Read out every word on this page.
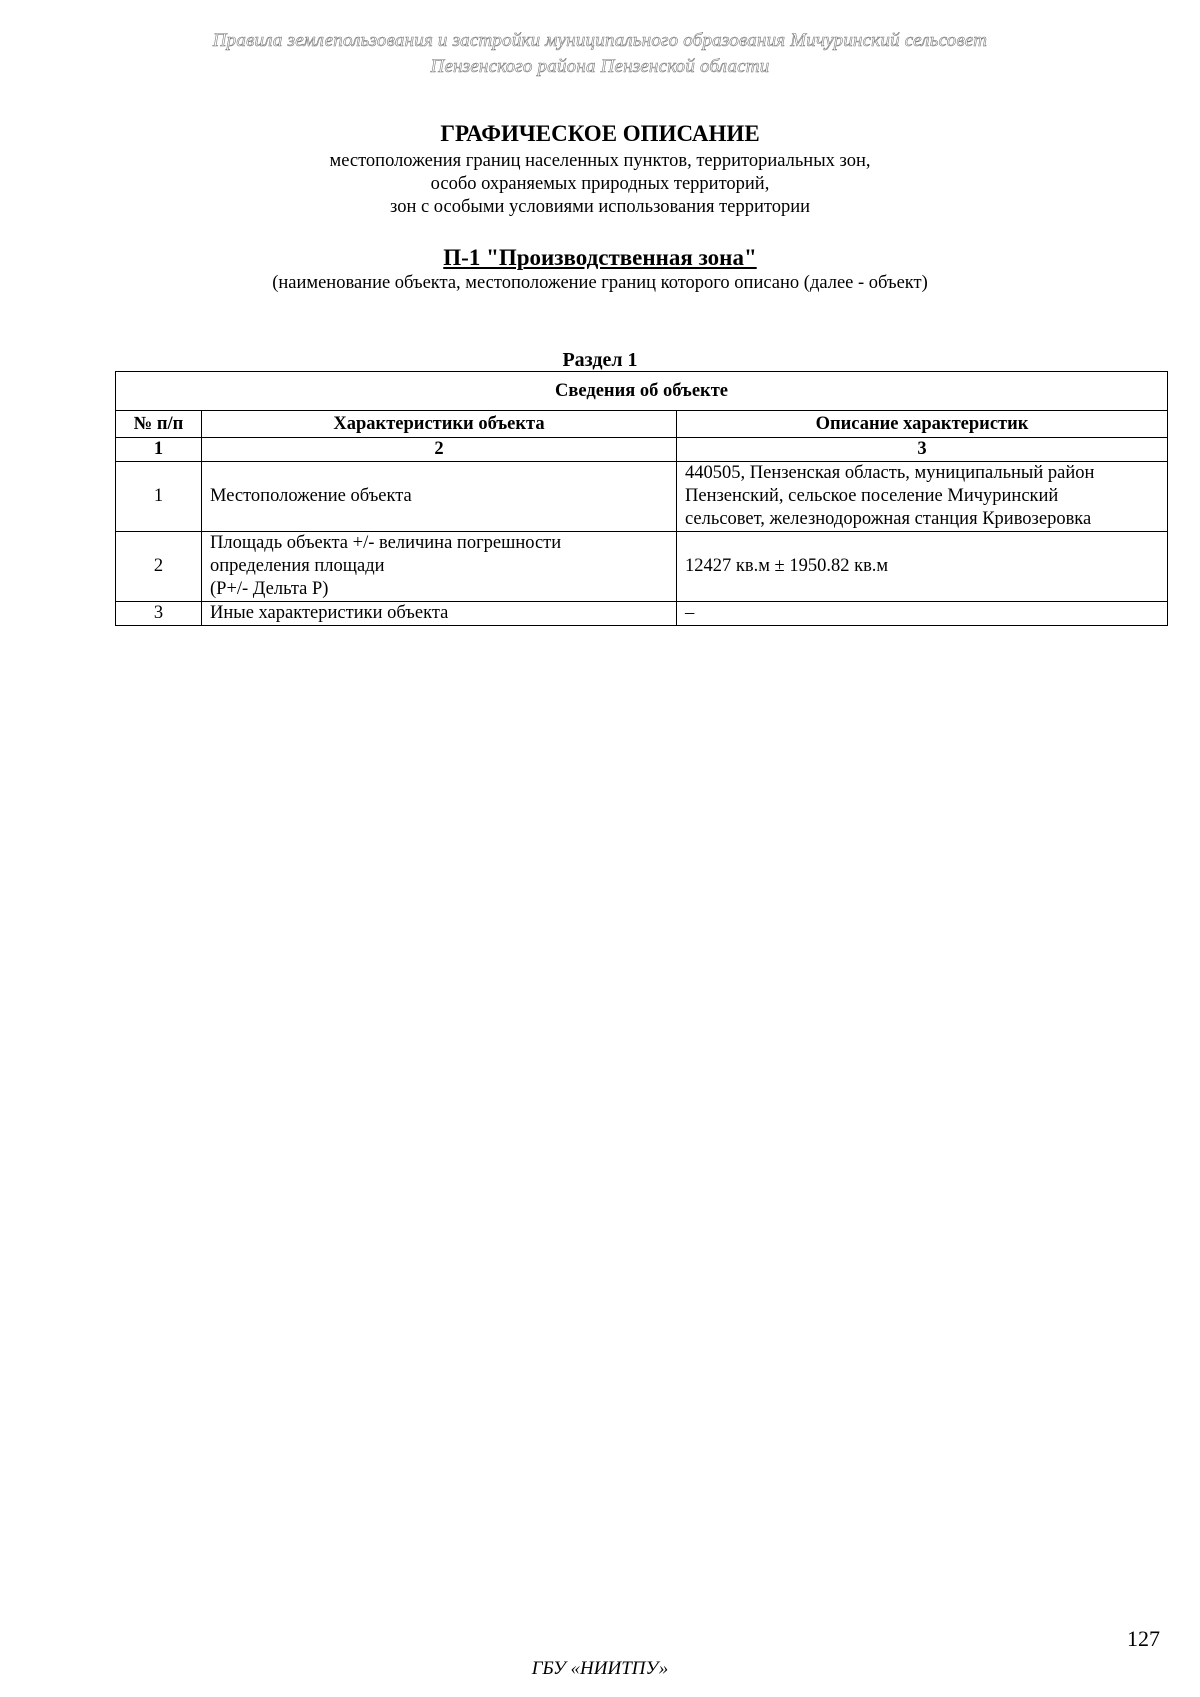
Правила землепользования и застройки муниципального образования Мичуринский сельсовет
Пензенского района Пензенской области
ГРАФИЧЕСКОЕ ОПИСАНИЕ
местоположения границ населенных пунктов, территориальных зон,
особо охраняемых природных территорий,
зон с особыми условиями использования территории
П-1 "Производственная зона"
(наименование объекта, местоположение границ которого описано (далее - объект)
Раздел 1
Сведения об объекте		
№ п/п	Характеристики объекта	Описание характеристик
1	2	3
1	Местоположение объекта	440505, Пензенская область, муниципальный район
Пензенский, сельское поселение Мичуринский
сельсовет, железнодорожная станция Кривозеровка

2	Площадь объекта +/- величина погрешности
определения площади
(P+/- Дельта P)	12427 кв.м ± 1950.82 кв.м

3	Иные характеристики объекта	–
127
ГБУ «НИИТПУ»
